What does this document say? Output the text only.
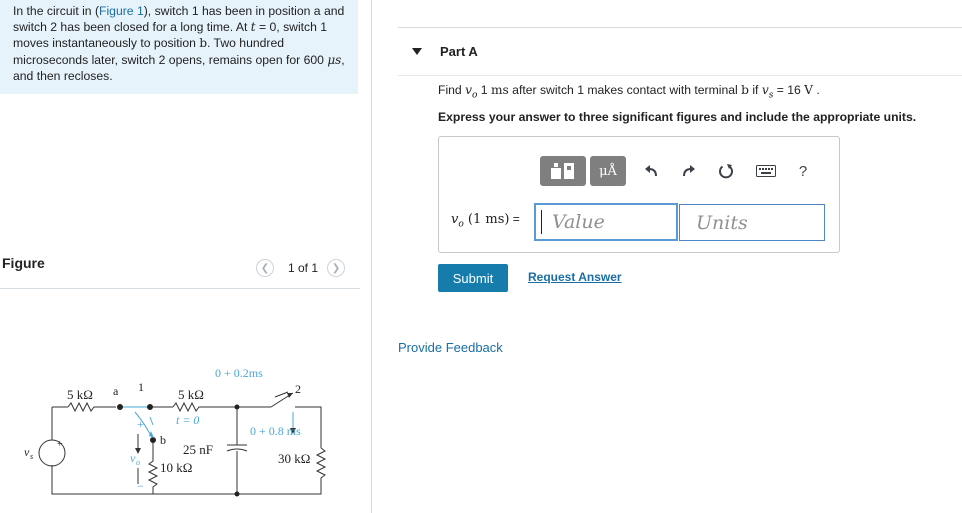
In the circuit in (Figure 1), switch 1 has been in position a and switch 2 has been closed for a long time. At t = 0, switch 1 moves instantaneously to position b. Two hundred microseconds later, switch 2 opens, remains open for 600 μs, and then recloses.
Figure	❮	1 of 1	❯
5 kΩ a 1	5 kΩ
t = 0
b
+
−
v o
+
v s	25 nF
10 kΩ
2
0 + 0.2ms
0 + 0.8 ms
30 kΩ
Part A
Find $v_o$ 1 ms after switch 1 makes contact with terminal b if $v_s = 16$ V .
Express your answer to three significant figures and include the appropriate units.
μÅ	?
$v_o$ (1 ms) = Value	Units
Submit	Request Answer
Provide Feedback
